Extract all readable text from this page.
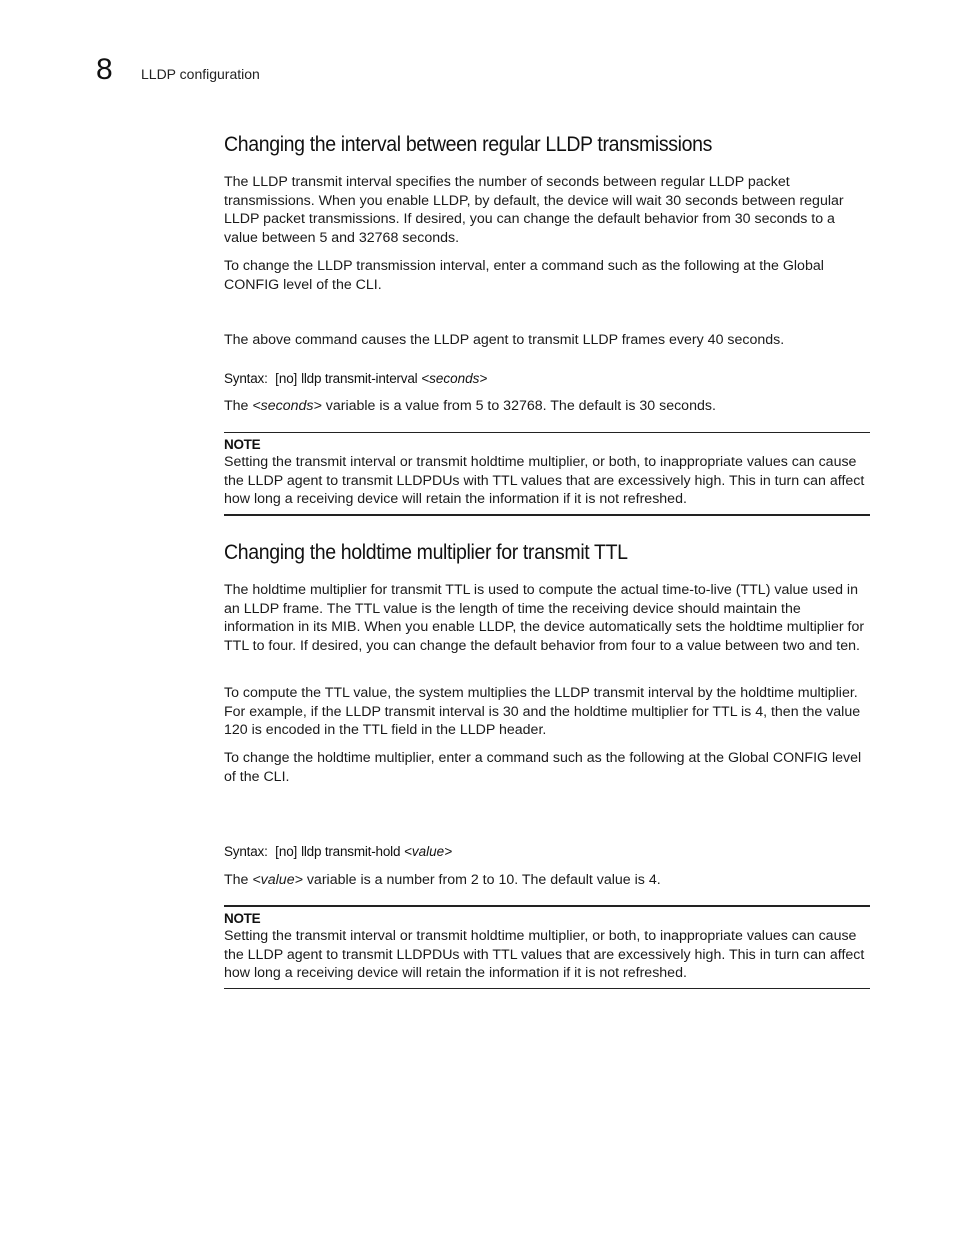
8 LLDP configuration
Changing the interval between regular LLDP transmissions

The LLDP transmit interval specifies the number of seconds between regular LLDP packet transmissions. When you enable LLDP, by default, the device will wait 30 seconds between regular LLDP packet transmissions. If desired, you can change the default behavior from 30 seconds to a value between 5 and 32768 seconds.

To change the LLDP transmission interval, enter a command such as the following at the Global CONFIG level of the CLI.

The above command causes the LLDP agent to transmit LLDP frames every 40 seconds.

Syntax: [no] lldp transmit-interval <seconds>

The <seconds> variable is a value from 5 to 32768. The default is 30 seconds.

NOTE

Setting the transmit interval or transmit holdtime multiplier, or both, to inappropriate values can cause the LLDP agent to transmit LLDPDUs with TTL values that are excessively high. This in turn can affect how long a receiving device will retain the information if it is not refreshed.

Changing the holdtime multiplier for transmit TTL

The holdtime multiplier for transmit TTL is used to compute the actual time-to-live (TTL) value used in an LLDP frame. The TTL value is the length of time the receiving device should maintain the information in its MIB. When you enable LLDP, the device automatically sets the holdtime multiplier for TTL to four. If desired, you can change the default behavior from four to a value between two and ten.

To compute the TTL value, the system multiplies the LLDP transmit interval by the holdtime multiplier. For example, if the LLDP transmit interval is 30 and the holdtime multiplier for TTL is 4, then the value 120 is encoded in the TTL field in the LLDP header.

To change the holdtime multiplier, enter a command such as the following at the Global CONFIG level of the CLI.

Syntax: [no] lldp transmit-hold <value>

The <value> variable is a number from 2 to 10. The default value is 4.

NOTE

Setting the transmit interval or transmit holdtime multiplier, or both, to inappropriate values can cause the LLDP agent to transmit LLDPDUs with TTL values that are excessively high. This in turn can affect how long a receiving device will retain the information if it is not refreshed.
